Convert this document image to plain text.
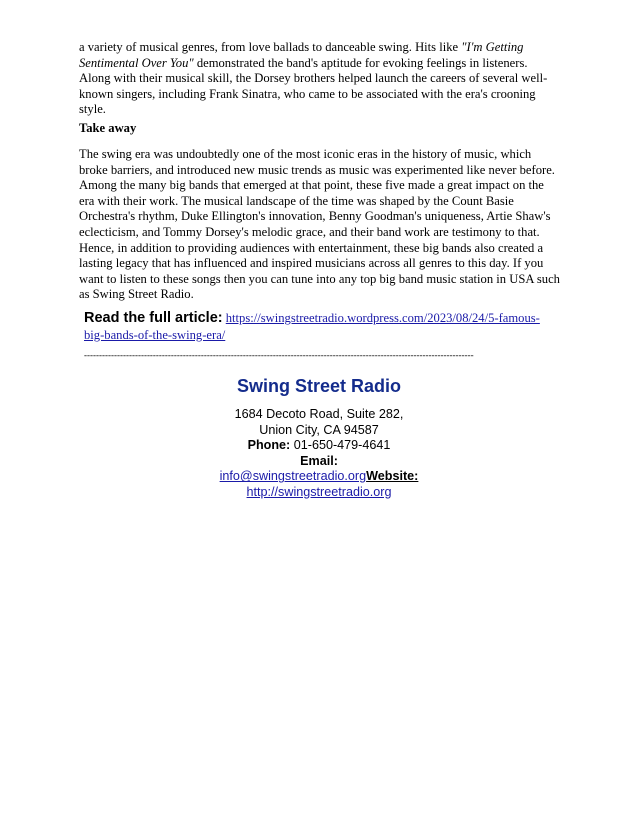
a variety of musical genres, from love ballads to danceable swing. Hits like "I'm Getting Sentimental Over You" demonstrated the band's aptitude for evoking feelings in listeners. Along with their musical skill, the Dorsey brothers helped launch the careers of several well-known singers, including Frank Sinatra, who came to be associated with the era's crooning style.

Take away

The swing era was undoubtedly one of the most iconic eras in the history of music, which broke barriers, and introduced new music trends as music was experimented like never before. Among the many big bands that emerged at that point, these five made a great impact on the era with their work. The musical landscape of the time was shaped by the Count Basie Orchestra's rhythm, Duke Ellington's innovation, Benny Goodman's uniqueness, Artie Shaw's eclecticism, and Tommy Dorsey's melodic grace, and their band work are testimony to that. Hence, in addition to providing audiences with entertainment, these big bands also created a lasting legacy that has influenced and inspired musicians across all genres to this day. If you want to listen to these songs then you can tune into any top big band music station in USA such as Swing Street Radio.

Read the full article: https://swingstreetradio.wordpress.com/2023/08/24/5-famous-big-bands-of-the-swing-era/

----------------------------------------------------------------------------------------------------------------------------------

Swing Street Radio

1684 Decoto Road, Suite 282,

Union City, CA 94587

Phone: 01-650-479-4641

Email:

info@swingstreetradio.orgWebsite:

http://swingstreetradio.org
